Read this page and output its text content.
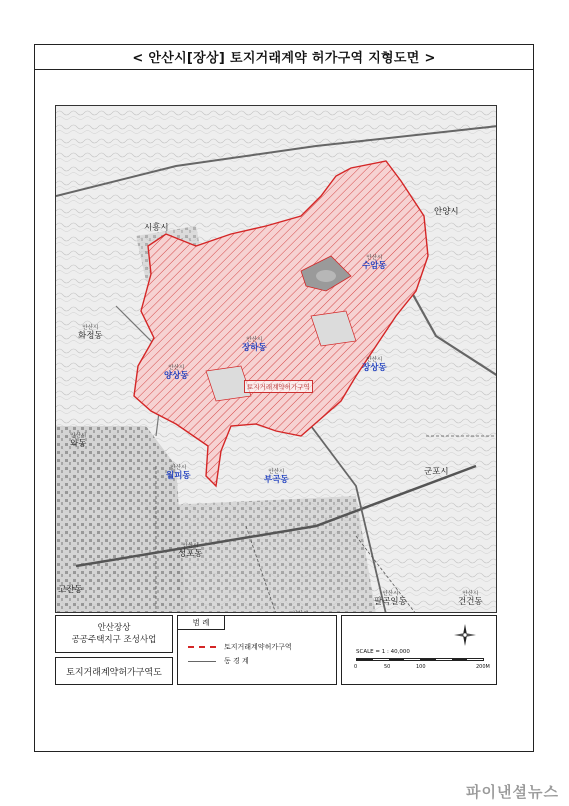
< 안산시[장상] 토지거래계약 허가구역 지형도면 >
시흥시
안양시
안산시
화정동
안산시
와동
군포시
고잔동
안산시
수암동
안산시
장하동
안산시
양상동
안산시
장상동
안산시
월피동	안산시
부곡동
안산시
성포동
안산시
팔곡일동
안산시
건건동
토지거래계약허가구역
안산장상
공공주택지구 조성사업
토지거래계약허가구역도
범 례
토지거래계약허가구역
동 경 계
SCALE = 1 : 40,000
0	50	100	200M
파이낸셜뉴스
